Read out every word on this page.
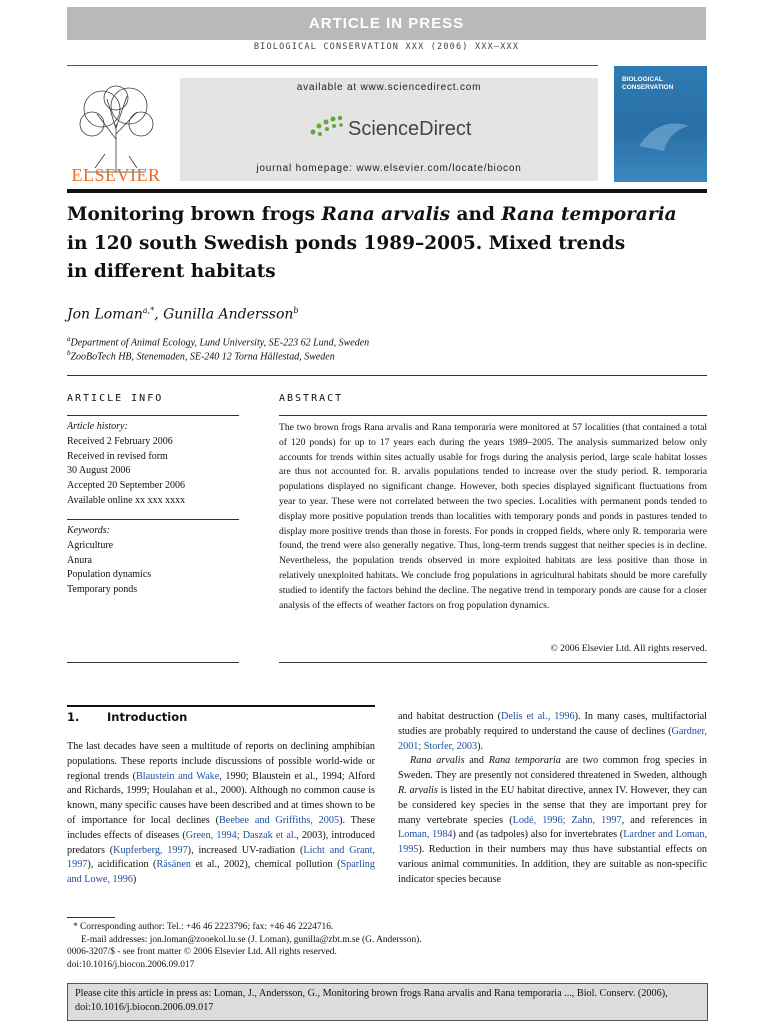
ARTICLE IN PRESS
BIOLOGICAL CONSERVATION XXX (2006) XXX–XXX
ELSEVIER
available at www.sciencedirect.com
ScienceDirect
journal homepage: www.elsevier.com/locate/biocon
BIOLOGICAL
CONSERVATION
Monitoring brown frogs Rana arvalis and Rana temporaria
in 120 south Swedish ponds 1989–2005. Mixed trends
in different habitats
Jon Loman$^{a,*}$, Gunilla Andersson$^b$
$^a$Department of Animal Ecology, Lund University, SE-223 62 Lund, Sweden
$^b$ZooBoTech HB, Stenemaden, SE-240 12 Torna Hällestad, Sweden
ARTICLE INFO
Article history:
Received 2 February 2006
Received in revised form
30 August 2006
Accepted 20 September 2006
Available online xx xxx xxxx
Keywords:
Agriculture
Anura
Population dynamics
Temporary ponds
ABSTRACT
The two brown frogs Rana arvalis and Rana temporaria were monitored at 57 localities (that contained a total of 120 ponds) for up to 17 years each during the years 1989–2005. The analysis summarized below only accounts for trends within sites actually usable for frogs during the analysis period, large scale habitat losses are thus not accounted for. R. arvalis populations tended to increase over the study period. R. temporaria populations displayed no significant change. However, both species displayed significant fluctuations from year to year. These were not correlated between the two species. Localities with permanent ponds tended to display more positive population trends than localities with temporary ponds and ponds in pastures tended to display more positive trends than those in forests. For ponds in cropped fields, where only R. temporaria were found, the trend were also generally negative. Thus, long-term trends suggest that neither species is in decline. Nevertheless, the population trends observed in more exploited habitats are less positive than those in relatively unexploited habitats. We conclude frog populations in agricultural habitats should be more carefully studied to identify the factors behind the decline. The negative trend in temporary ponds are cause for a closer analysis of the effects of weather factors on frog population dynamics.
© 2006 Elsevier Ltd. All rights reserved.
1. Introduction

The last decades have seen a multitude of reports on declining amphibian populations. These reports include discussions of possible world-wide or regional trends (Blaustein and Wake, 1990; Blaustein et al., 1994; Alford and Richards, 1999; Houlahan et al., 2000). Although no common cause is known, many specific causes have been described and at times shown to be of importance for local declines (Beebee and Griffiths, 2005). These includes effects of diseases (Green, 1994; Daszak et al., 2003), introduced predators (Kupferberg, 1997), increased UV-radiation (Licht and Grant, 1997), acidification (Räsänen et al., 2002), chemical pollution (Sparling and Lowe, 1996)

and habitat destruction (Delis et al., 1996). In many cases, multifactorial studies are probably required to understand the cause of declines (Gardner, 2001; Storfer, 2003).

Rana arvalis and Rana temporaria are two common frog species in Sweden. They are presently not considered threatened in Sweden, although R. arvalis is listed in the EU habitat directive, annex IV. However, they can be considered key species in the sense that they are important prey for many vertebrate species (Lodé, 1996; Zahn, 1997, and references in Loman, 1984) and (as tadpoles) also for invertebrates (Lardner and Loman, 1995). Reduction in their numbers may thus have substantial effects on various animal communities. In addition, they are suitable as non-specific indicator species because

* Corresponding author: Tel.: +46 46 2223796; fax: +46 46 2224716.

E-mail addresses: jon.loman@zooekol.lu.se (J. Loman), gunilla@zbt.m.se (G. Andersson).

0006-3207/$ - see front matter © 2006 Elsevier Ltd. All rights reserved.

doi:10.1016/j.biocon.2006.09.017

Please cite this article in press as: Loman, J., Andersson, G., Monitoring brown frogs Rana arvalis and Rana temporaria ..., Biol. Conserv. (2006), doi:10.1016/j.biocon.2006.09.017
